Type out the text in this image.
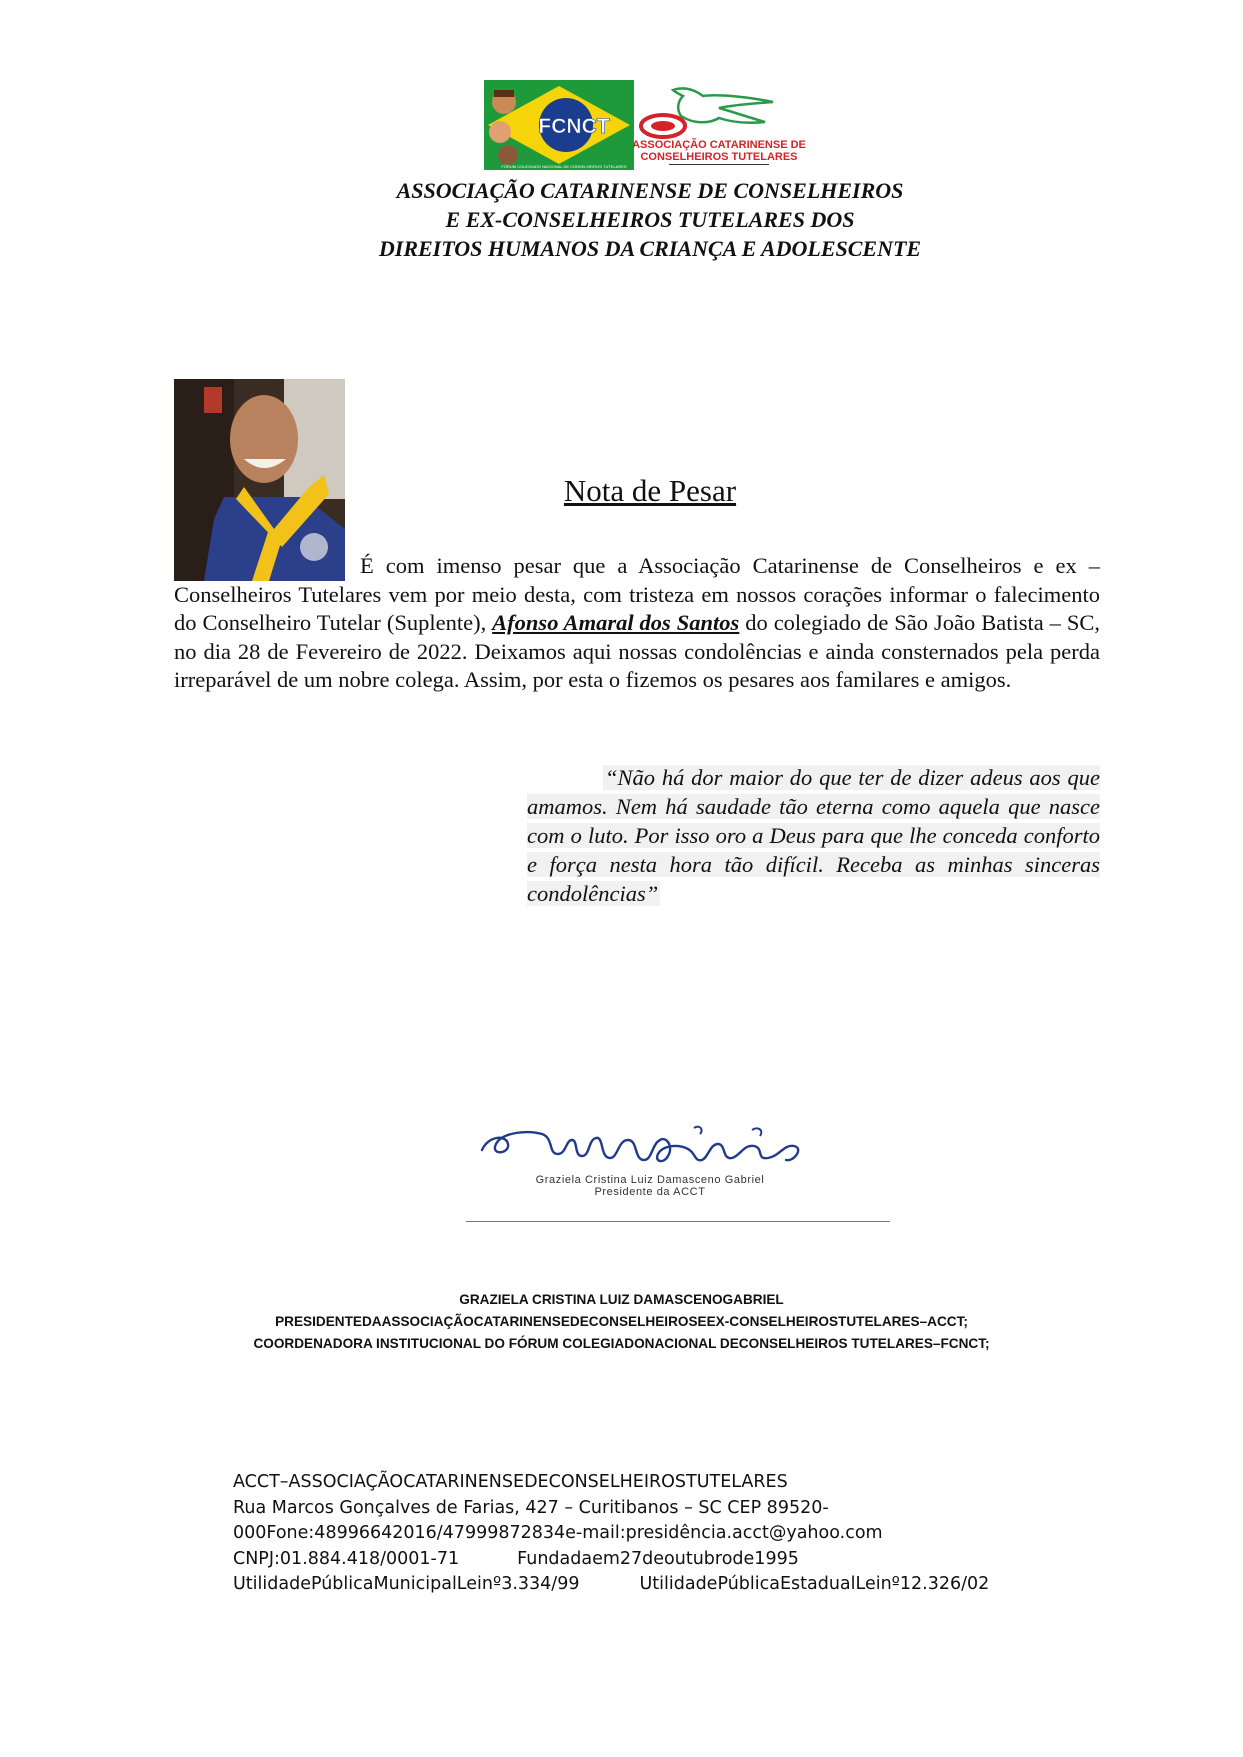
FCNCT
FÓRUM COLEGIADO NACIONAL DE CONSELHEIROS TUTELARES
ASSOCIAÇÃO CATARINENSE DE
CONSELHEIROS TUTELARES
ASSOCIAÇÃO CATARINENSE DE CONSELHEIROS
E EX-CONSELHEIROS TUTELARES DOS
DIREITOS HUMANOS DA CRIANÇA E ADOLESCENTE
Nota de Pesar
É com imenso pesar que a Associação Catarinense de Conselheiros e ex –
Conselheiros Tutelares vem por meio desta, com tristeza em nossos corações informar o falecimento do Conselheiro Tutelar (Suplente), Afonso Amaral dos Santos do colegiado de São João Batista – SC, no dia 28 de Fevereiro de 2022. Deixamos aqui nossas condolências e ainda consternados pela perda irreparável de um nobre colega. Assim, por esta o fizemos os pesares aos familares e amigos.
“Não há dor maior do que ter de dizer adeus aos que amamos. Nem há saudade tão eterna como aquela que nasce com o luto. Por isso oro a Deus para que lhe conceda conforto e força nesta hora tão difícil. Receba as minhas sinceras condolências”
Graziela Cristina Luiz Damasceno Gabriel
Presidente da ACCT
GRAZIELA CRISTINA LUIZ DAMASCENOGABRIEL
PRESIDENTEDAASSOCIAÇÃOCATARINENSEDECONSELHEIROSEEX-CONSELHEIROSTUTELARES–ACCT;
COORDENADORA INSTITUCIONAL DO FÓRUM COLEGIADONACIONAL DECONSELHEIROS TUTELARES–FCNCT;
ACCT–ASSOCIAÇÃOCATARINENSEDECONSELHEIROSTUTELARES
Rua Marcos Gonçalves de Farias, 427 – Curitibanos – SC CEP 89520-
000Fone:48996642016/47999872834e-mail:presidência.acct@yahoo.com
CNPJ:01.884.418/0001-71	Fundadaem27deoutubrode1995
UtilidadePúblicaMunicipalLeinº3.334/99	UtilidadePúblicaEstadualLeinº12.326/02
